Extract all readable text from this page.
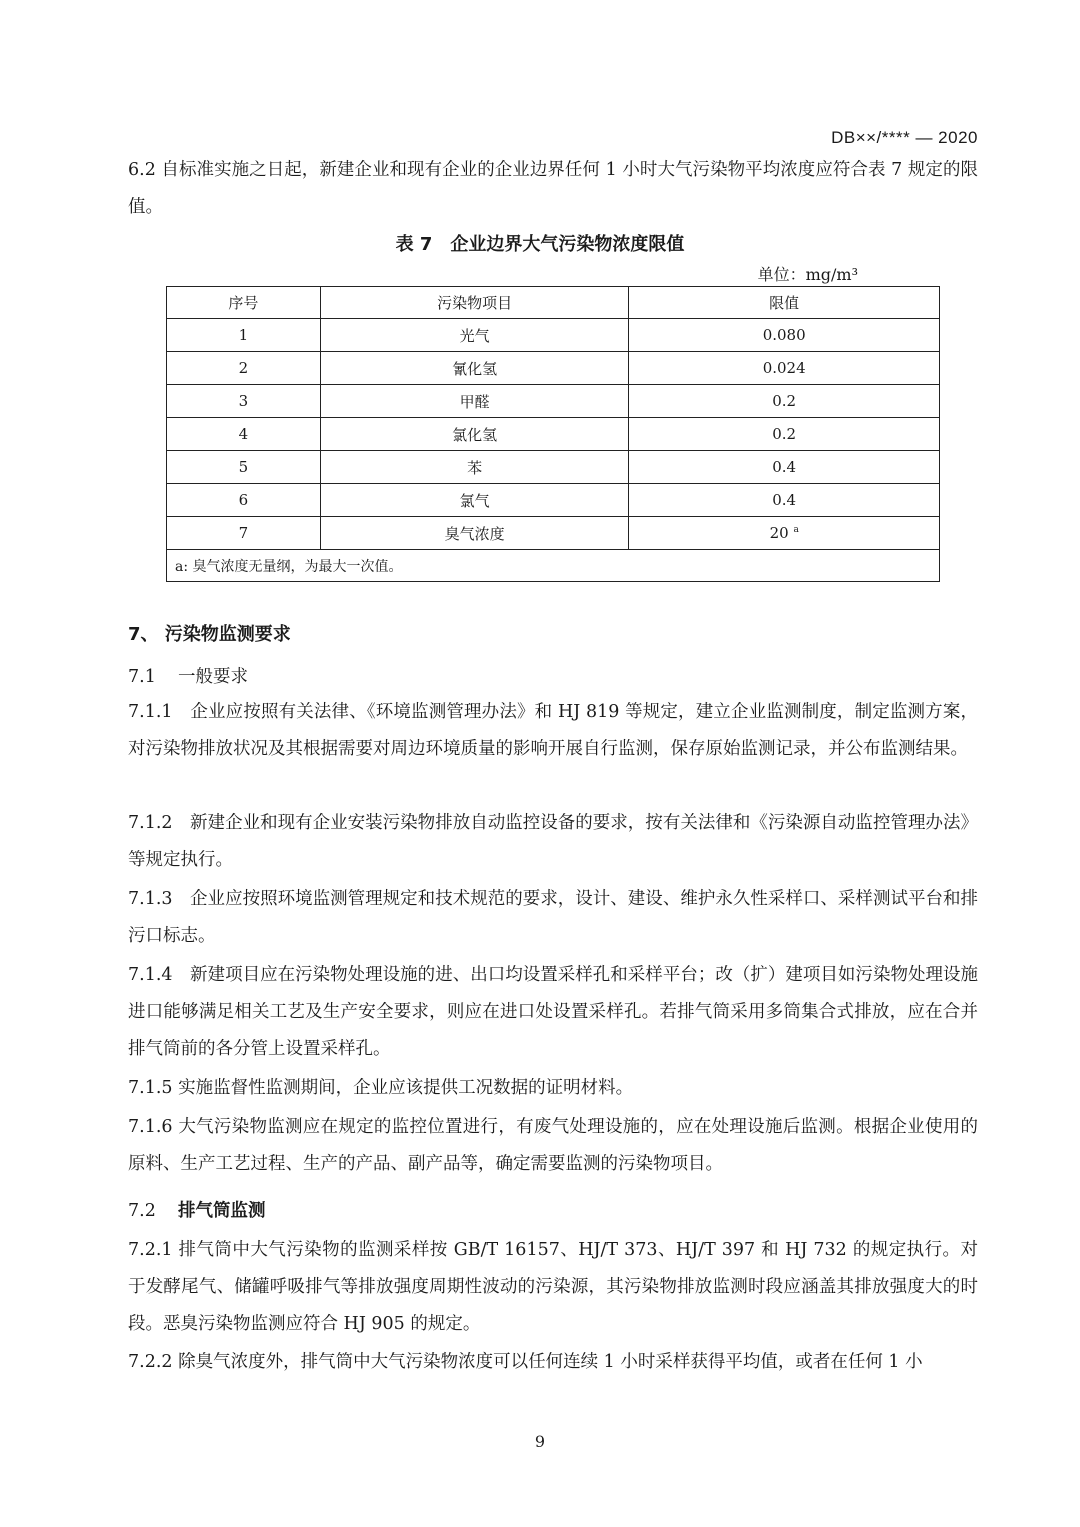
DB××/**** — 2020
6.2 自标准实施之日起，新建企业和现有企业的企业边界任何 1 小时大气污染物平均浓度应符合表 7 规定的限值。
表 7　企业边界大气污染物浓度限值
单位：mg/m³
序号	污染物项目	限值
1	光气	0.080
2	氰化氢	0.024
3	甲醛	0.2
4	氯化氢	0.2
5	苯	0.4
6	氯气	0.4
7	臭气浓度	20 $^a$
a: 臭气浓度无量纲，为最大一次值。		
7、 污染物监测要求
7.1 一般要求
7.1.1　企业应按照有关法律、《环境监测管理办法》和 HJ 819 等规定，建立企业监测制度，制定监测方案，对污染物排放状况及其根据需要对周边环境质量的影响开展自行监测，保存原始监测记录，并公布监测结果。
7.1.2　新建企业和现有企业安装污染物排放自动监控设备的要求，按有关法律和《污染源自动监控管理办法》等规定执行。
7.1.3　企业应按照环境监测管理规定和技术规范的要求，设计、建设、维护永久性采样口、采样测试平台和排污口标志。
7.1.4　新建项目应在污染物处理设施的进、出口均设置采样孔和采样平台；改（扩）建项目如污染物处理设施进口能够满足相关工艺及生产安全要求，则应在进口处设置采样孔。若排气筒采用多筒集合式排放，应在合并排气筒前的各分管上设置采样孔。
7.1.5 实施监督性监测期间，企业应该提供工况数据的证明材料。
7.1.6 大气污染物监测应在规定的监控位置进行，有废气处理设施的，应在处理设施后监测。根据企业使用的原料、生产工艺过程、生产的产品、副产品等，确定需要监测的污染物项目。
7.2 排气筒监测
7.2.1 排气筒中大气污染物的监测采样按 GB/T 16157、HJ/T 373、HJ/T 397 和 HJ 732 的规定执行。对于发酵尾气、储罐呼吸排气等排放强度周期性波动的污染源，其污染物排放监测时段应涵盖其排放强度大的时段。恶臭污染物监测应符合 HJ 905 的规定。
7.2.2 除臭气浓度外，排气筒中大气污染物浓度可以任何连续 1 小时采样获得平均值，或者在任何 1 小
9
